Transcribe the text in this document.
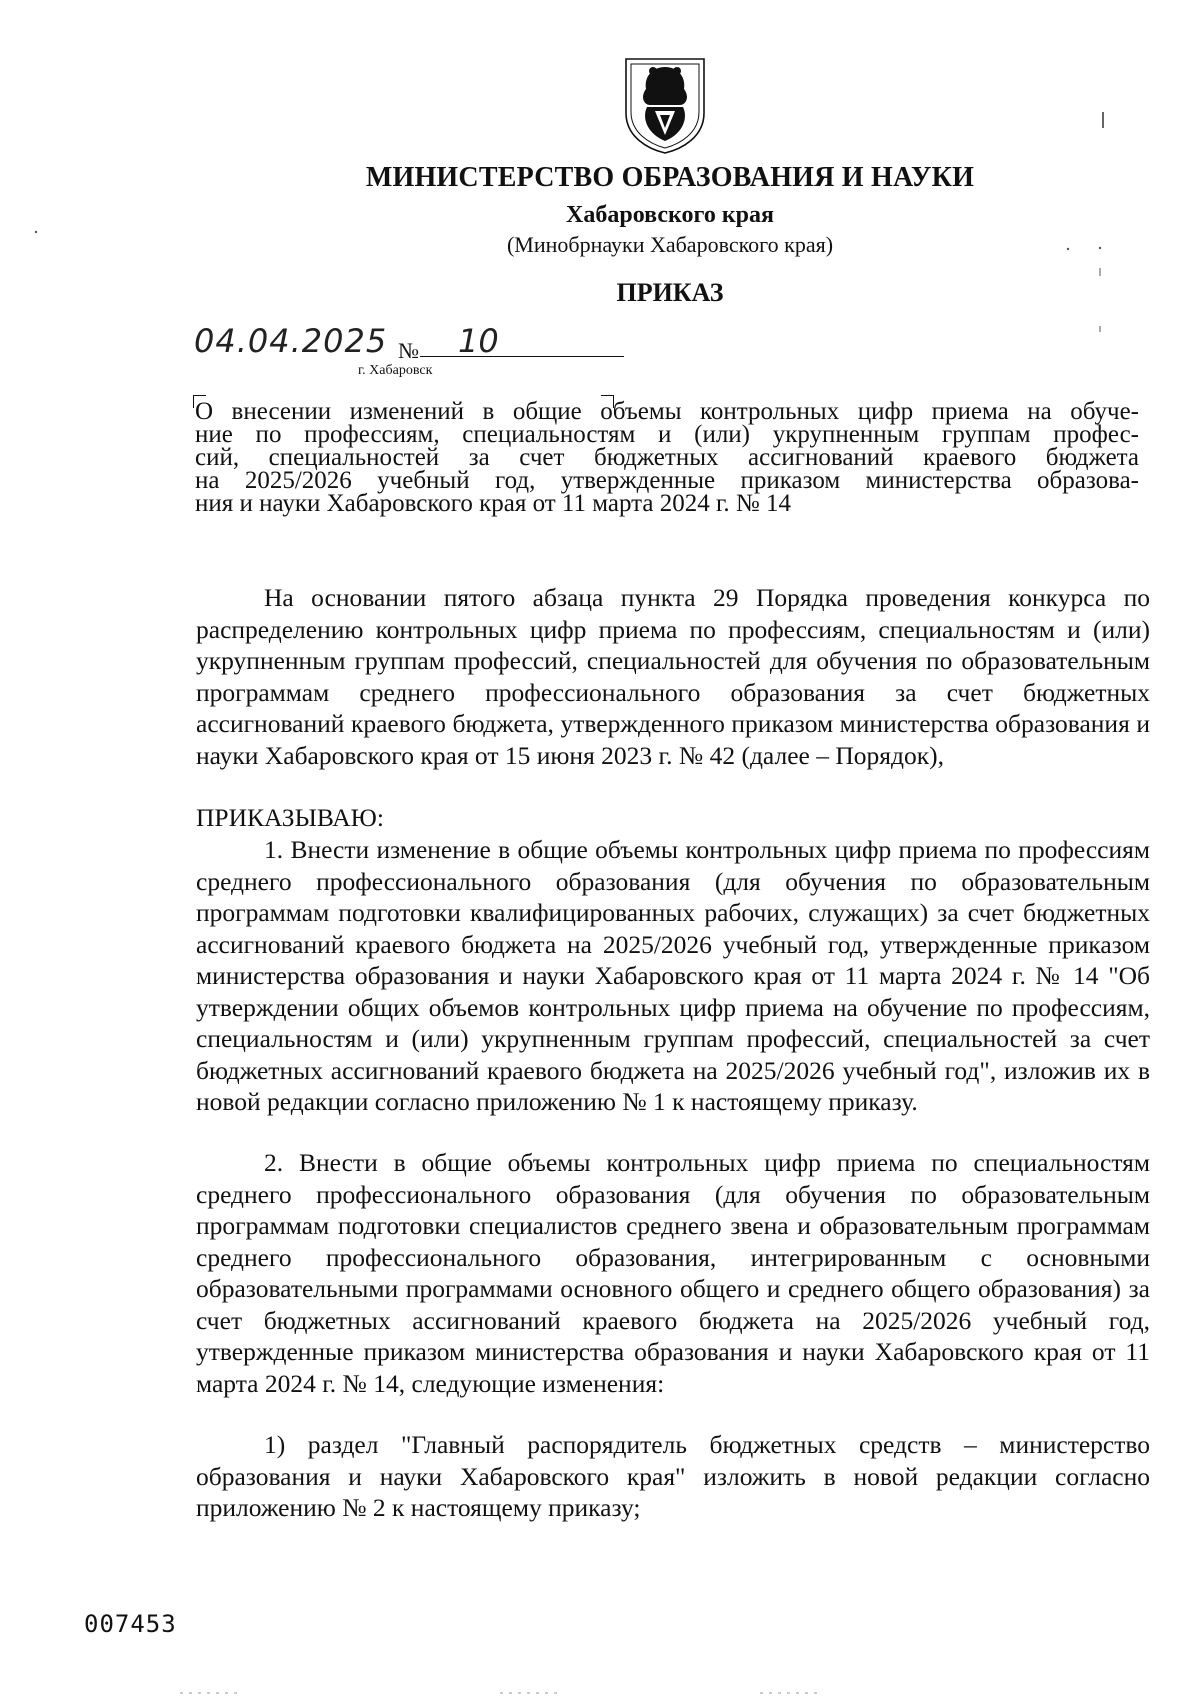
МИНИСТЕРСТВО ОБРАЗОВАНИЯ И НАУКИ
Хабаровского края
(Минобрнауки Хабаровского края)
ПРИКАЗ
04.04.2025 № 10
г. Хабаровск
О внесении изменений в общие объемы контрольных цифр приема на обуче-
ние по профессиям, специальностям и (или) укрупненным группам профес-
сий, специальностей за счет бюджетных ассигнований краевого бюджета
на 2025/2026 учебный год, утвержденные приказом министерства образова-
ния и науки Хабаровского края от 11 марта 2024 г. № 14

На основании пятого абзаца пункта 29 Порядка проведения конкурса по распределению контрольных цифр приема по профессиям, специальностям и (или) укрупненным группам профессий, специальностей для обучения по образовательным программам среднего профессионального образования за счет бюджетных ассигнований краевого бюджета, утвержденного приказом министерства образования и науки Хабаровского края от 15 июня 2023 г. № 42 (далее – Порядок),

ПРИКАЗЫВАЮ:

1. Внести изменение в общие объемы контрольных цифр приема по профессиям среднего профессионального образования (для обучения по образовательным программам подготовки квалифицированных рабочих, служащих) за счет бюджетных ассигнований краевого бюджета на 2025/2026 учебный год, утвержденные приказом министерства образования и науки Хабаровского края от 11 марта 2024 г. № 14 "Об утверждении общих объемов контрольных цифр приема на обучение по профессиям, специальностям и (или) укрупненным группам профессий, специальностей за счет бюджетных ассигнований краевого бюджета на 2025/2026 учебный год", изложив их в новой редакции согласно приложению № 1 к настоящему приказу.

2. Внести в общие объемы контрольных цифр приема по специальностям среднего профессионального образования (для обучения по образовательным программам подготовки специалистов среднего звена и образовательным программам среднего профессионального образования, интегрированным с основными образовательными программами основного общего и среднего общего образования) за счет бюджетных ассигнований краевого бюджета на 2025/2026 учебный год, утвержденные приказом министерства образования и науки Хабаровского края от 11 марта 2024 г. № 14, следующие изменения:

1) раздел "Главный распорядитель бюджетных средств – министерство образования и науки Хабаровского края" изложить в новой редакции согласно приложению № 2 к настоящему приказу;

007453
